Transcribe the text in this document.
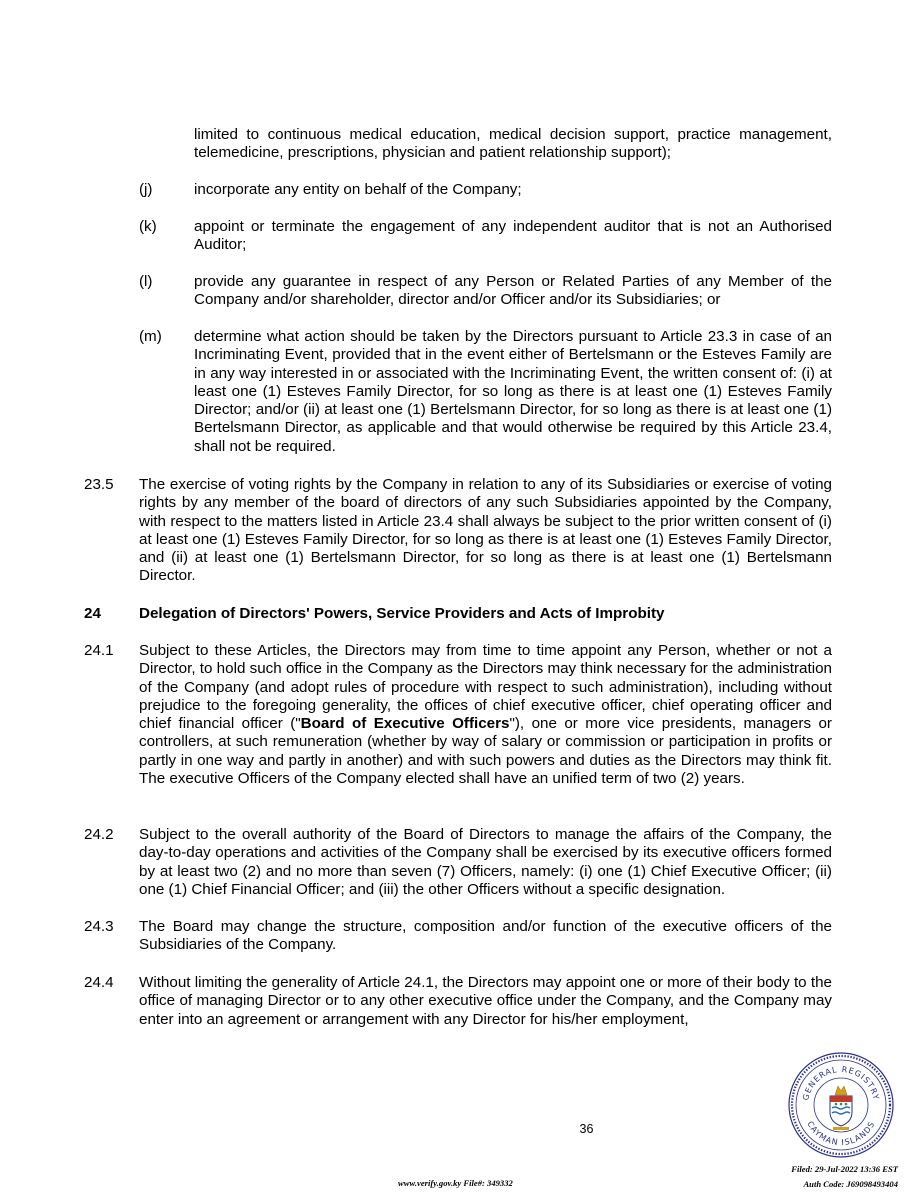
limited to continuous medical education, medical decision support, practice management, telemedicine, prescriptions, physician and patient relationship support);
(j)	incorporate any entity on behalf of the Company;
(k) appoint or terminate the engagement of any independent auditor that is not an Authorised Auditor;
(l)	provide any guarantee in respect of any Person or Related Parties of any Member of the Company and/or shareholder, director and/or Officer and/or its Subsidiaries; or
(m) determine what action should be taken by the Directors pursuant to Article 23.3 in case of an Incriminating Event, provided that in the event either of Bertelsmann or the Esteves Family are in any way interested in or associated with the Incriminating Event, the written consent of: (i) at least one (1) Esteves Family Director, for so long as there is at least one (1) Esteves Family Director; and/or (ii) at least one (1) Bertelsmann Director, for so long as there is at least one (1) Bertelsmann Director, as applicable and that would otherwise be required by this Article 23.4, shall not be required.
23.5 The exercise of voting rights by the Company in relation to any of its Subsidiaries or exercise of voting rights by any member of the board of directors of any such Subsidiaries appointed by the Company, with respect to the matters listed in Article 23.4 shall always be subject to the prior written consent of (i) at least one (1) Esteves Family Director, for so long as there is at least one (1) Esteves Family Director, and (ii) at least one (1) Bertelsmann Director, for so long as there is at least one (1) Bertelsmann Director.
24	Delegation of Directors' Powers, Service Providers and Acts of Improbity
24.1 Subject to these Articles, the Directors may from time to time appoint any Person, whether or not a Director, to hold such office in the Company as the Directors may think necessary for the administration of the Company (and adopt rules of procedure with respect to such administration), including without prejudice to the foregoing generality, the offices of chief executive officer, chief operating officer and chief financial officer ("Board of Executive Officers"), one or more vice presidents, managers or controllers, at such remuneration (whether by way of salary or commission or participation in profits or partly in one way and partly in another) and with such powers and duties as the Directors may think fit. The executive Officers of the Company elected shall have an unified term of two (2) years.
24.2 Subject to the overall authority of the Board of Directors to manage the affairs of the Company, the day-to-day operations and activities of the Company shall be exercised by its executive officers formed by at least two (2) and no more than seven (7) Officers, namely: (i) one (1) Chief Executive Officer; (ii) one (1) Chief Financial Officer; and (iii) the other Officers without a specific designation.
24.3 The Board may change the structure, composition and/or function of the executive officers of the Subsidiaries of the Company.
24.4 Without limiting the generality of Article 24.1, the Directors may appoint one or more of their body to the office of managing Director or to any other executive office under the Company, and the Company may enter into an agreement or arrangement with any Director for his/her employment,
36
GENERAL REGISTRY
CAYMAN ISLANDS
www.verify.gov.ky File#: 349332
Filed: 29-Jul-2022 13:36 EST
Auth Code: J69098493404
